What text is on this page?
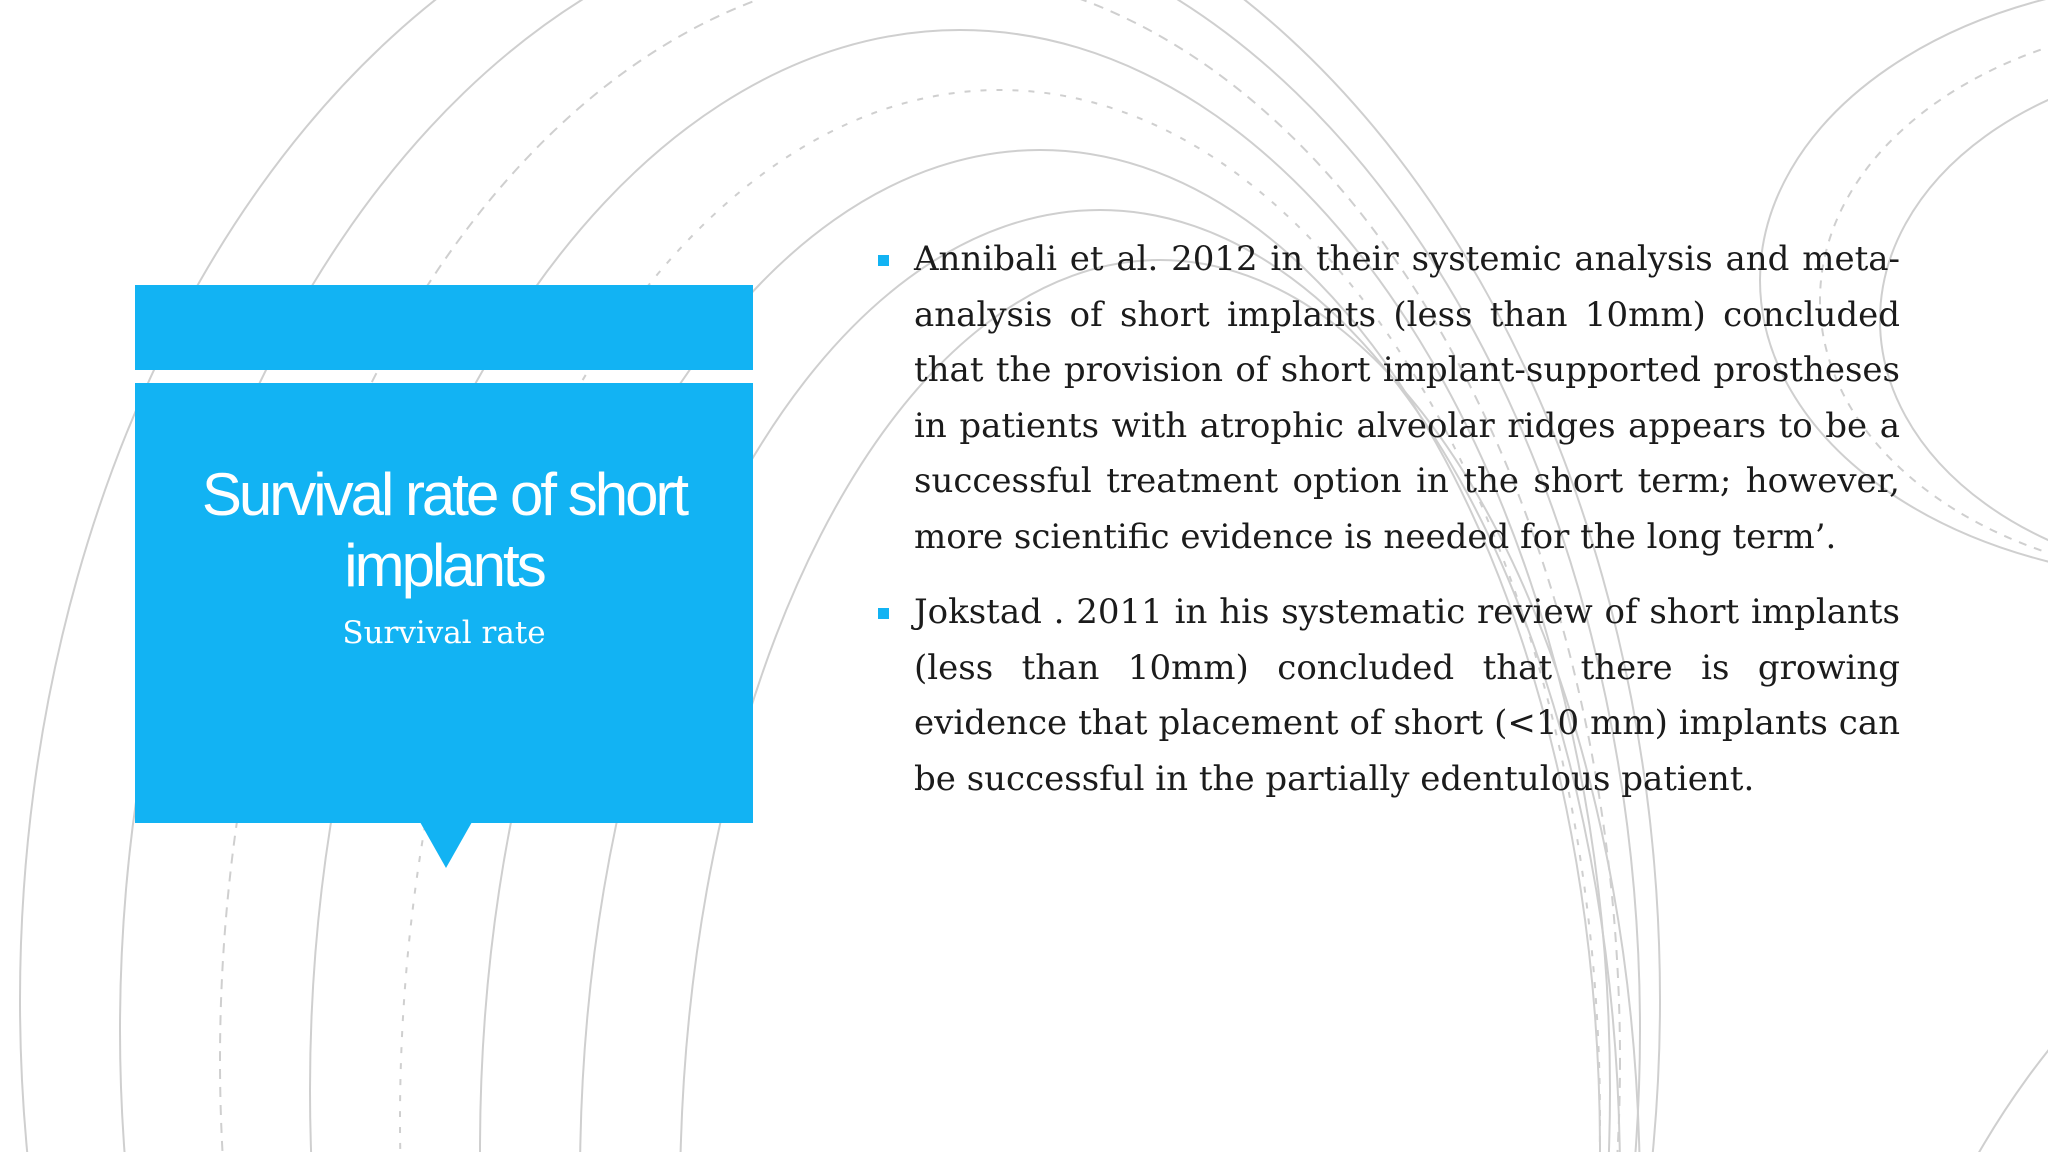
Survival rate of short implants
Survival rate

Annibali et al. 2012 in their systemic analysis and meta-analysis of short implants (less than 10mm) concluded that the provision of short implant-supported prostheses in patients with atrophic alveolar ridges appears to be a successful treatment option in the short term; however, more scientific evidence is needed for the long term’.

Jokstad . 2011 in his systematic review of short implants (less than 10mm) concluded that there is growing evidence that placement of short (<10 mm) implants can be successful in the partially edentulous patient.
